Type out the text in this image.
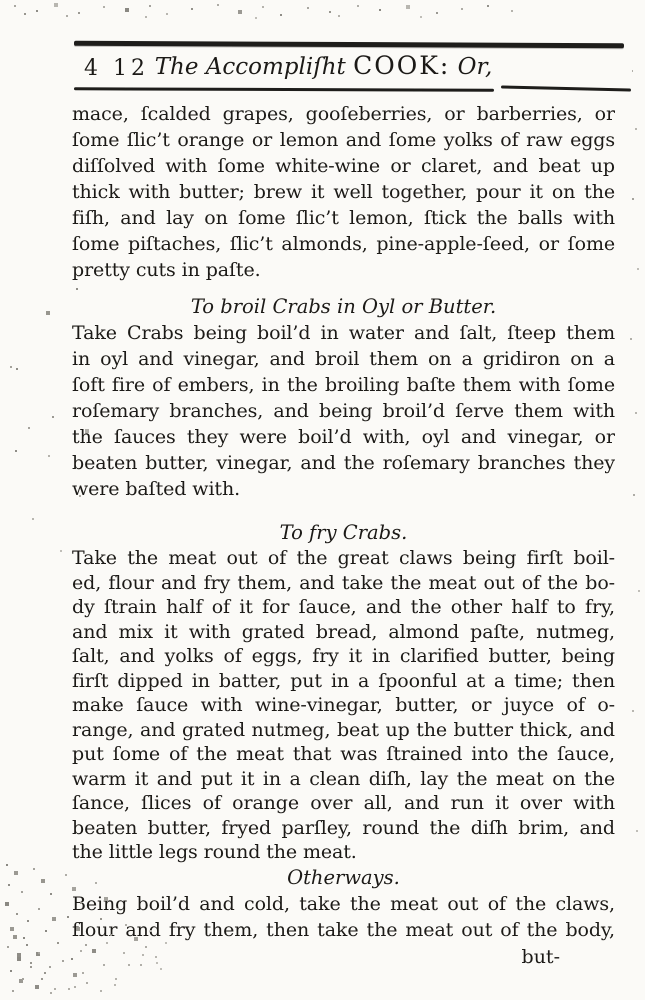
4 12 The Accompliſht COOK: Or,
mace, ſcalded grapes, gooſeberries, or barberries, or
ſome ſlic’t orange or lemon and ſome yolks of raw eggs
diſſolved with ſome white-wine or claret, and beat up
thick with butter; brew it well together, pour it on the
fiſh, and lay on ſome ſlic’t lemon, ſtick the balls with
ſome piſtaches, ſlic’t almonds, pine-apple-ſeed, or ſome
pretty cuts in paſte.
To broil Crabs in Oyl or Butter.
Take Crabs being boil’d in water and ſalt, ſteep them
in oyl and vinegar, and broil them on a gridiron on a
ſoft fire of embers, in the broiling baſte them with ſome
roſemary branches, and being broil’d ſerve them with
the ſauces they were boil’d with, oyl and vinegar, or
beaten butter, vinegar, and the roſemary branches they
were baſted with.
To fry Crabs.
Take the meat out of the great claws being firſt boil-
ed, flour and fry them, and take the meat out of the bo-
dy ſtrain half of it for ſauce, and the other half to fry,
and mix it with grated bread, almond paſte, nutmeg,
ſalt, and yolks of eggs, fry it in clarified butter, being
firſt dipped in batter, put in a ſpoonful at a time; then
make ſauce with wine-vinegar, butter, or juyce of o-
range, and grated nutmeg, beat up the butter thick, and
put ſome of the meat that was ſtrained into the ſauce,
warm it and put it in a clean diſh, lay the meat on the
ſance, ſlices of orange over all, and run it over with
beaten butter, fryed parſley, round the diſh brim, and
the little legs round the meat.
Otherways.
Being boil’d and cold, take the meat out of the claws,
flour and fry them, then take the meat out of the body,
but-
